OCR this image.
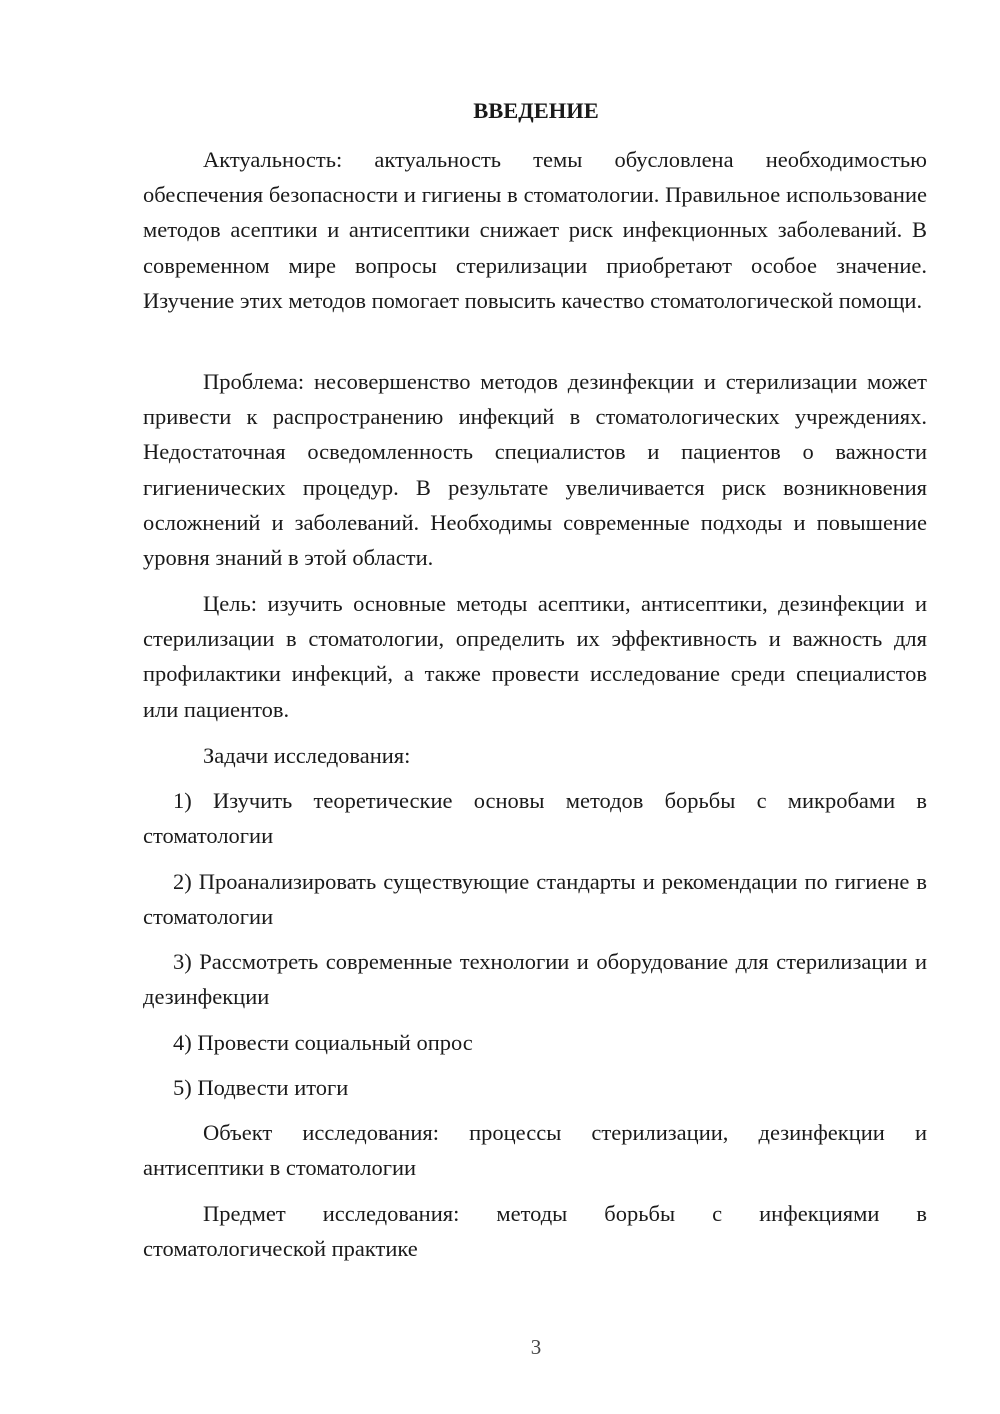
ВВЕДЕНИЕ

Актуальность: актуальность темы обусловлена необходимостью обеспечения безопасности и гигиены в стоматологии. Правильное использование методов асептики и антисептики снижает риск инфекционных заболеваний. В современном мире вопросы стерилизации приобретают особое значение. Изучение этих методов помогает повысить качество стоматологической помощи.

Проблема: несовершенство методов дезинфекции и стерилизации может привести к распространению инфекций в стоматологических учреждениях. Недостаточная осведомленность специалистов и пациентов о важности гигиенических процедур. В результате увеличивается риск возникновения осложнений и заболеваний. Необходимы современные подходы и повышение уровня знаний в этой области.

Цель: изучить основные методы асептики, антисептики, дезинфекции и стерилизации в стоматологии, определить их эффективность и важность для профилактики инфекций, а также провести исследование среди специалистов или пациентов.

Задачи исследования:

1) Изучить теоретические основы методов борьбы с микробами в стоматологии

2) Проанализировать существующие стандарты и рекомендации по гигиене в стоматологии

3) Рассмотреть современные технологии и оборудование для стерилизации и дезинфекции

4) Провести социальный опрос

5) Подвести итоги

Объект исследования: процессы стерилизации, дезинфекции и антисептики в стоматологии

Предмет исследования: методы борьбы с инфекциями в стоматологической практике

3
